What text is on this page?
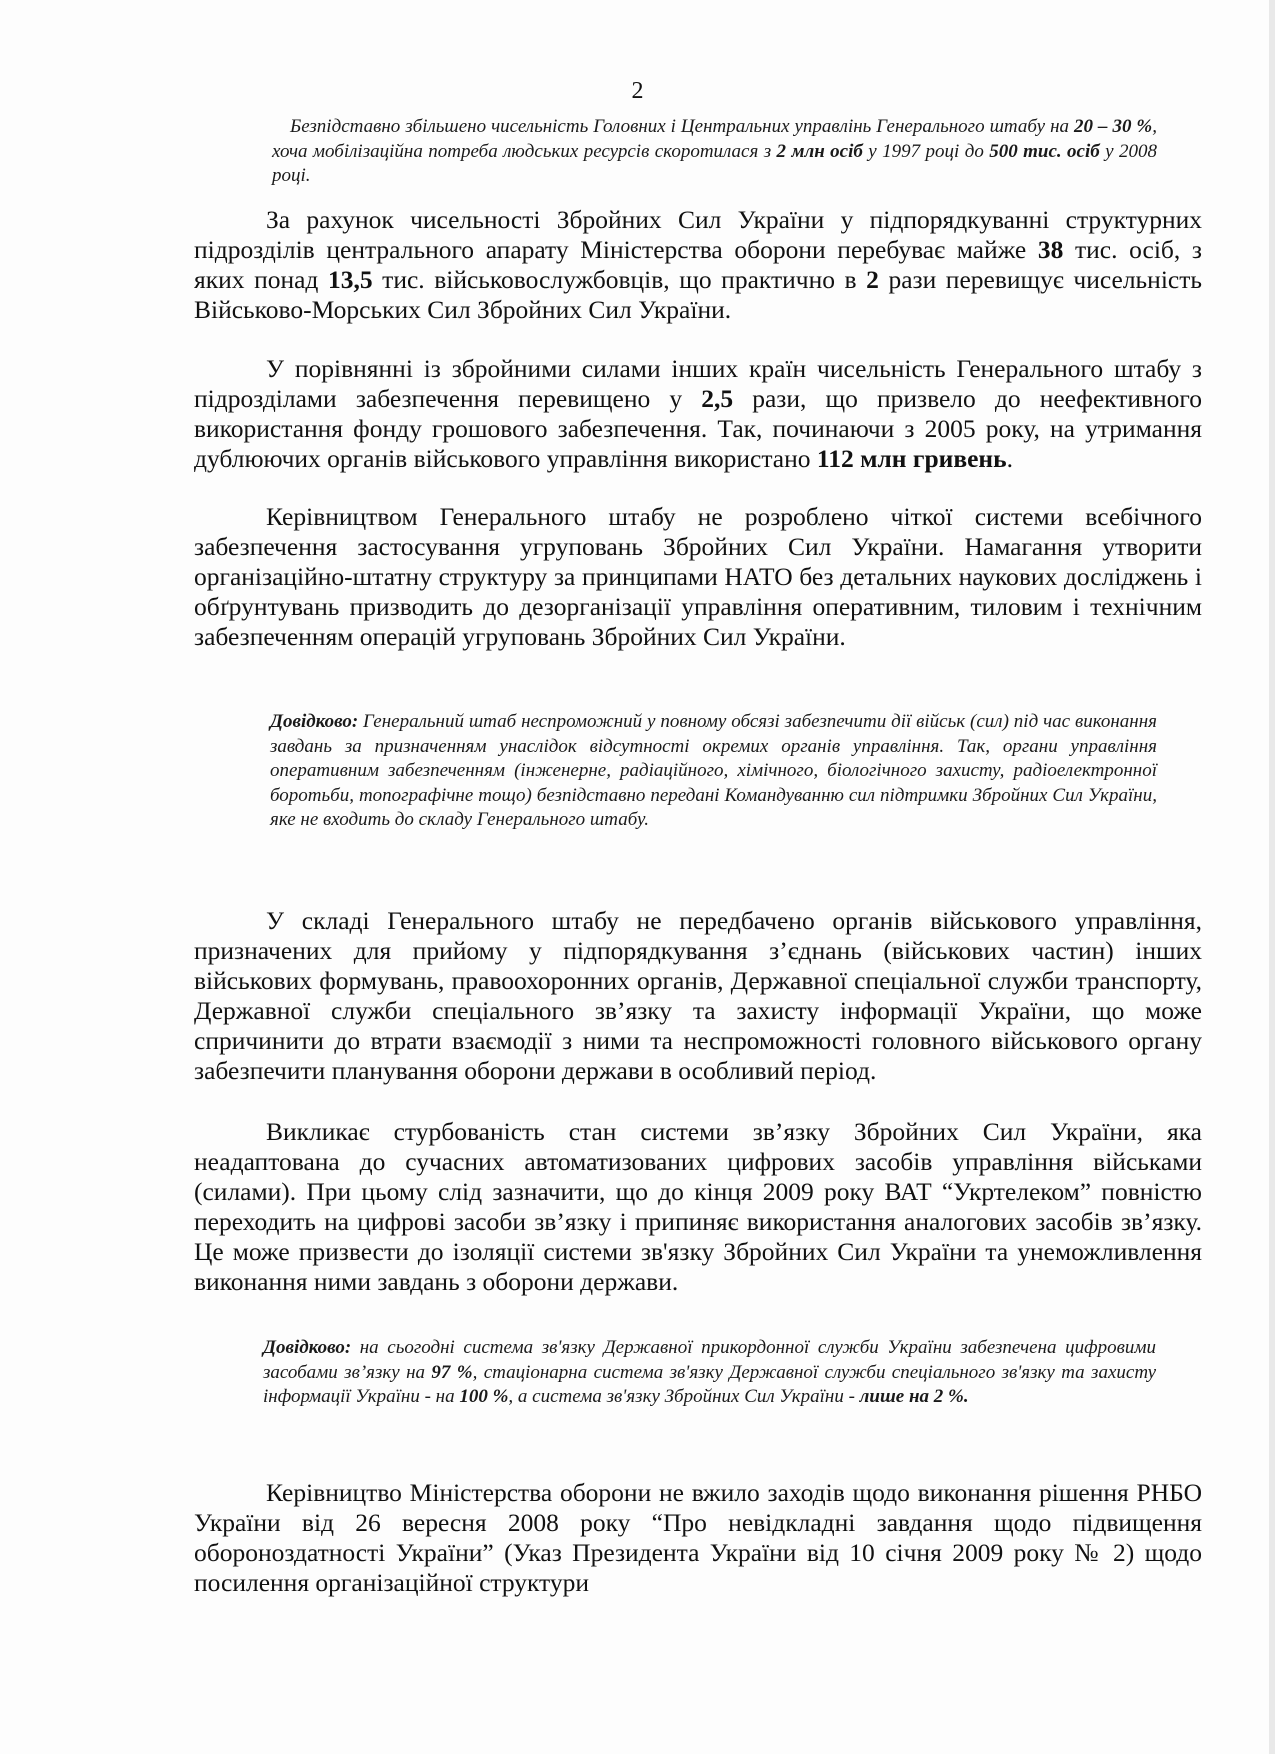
2

Безпідставно збільшено чисельність Головних і Центральних управлінь Генерального штабу на 20 – 30 %, хоча мобілізаційна потреба людських ресурсів скоротилася з 2 млн осіб у 1997 році до 500 тис. осіб у 2008 році.

За рахунок чисельності Збройних Сил України у підпорядкуванні структурних підрозділів центрального апарату Міністерства оборони перебуває майже 38 тис. осіб, з яких понад 13,5 тис. військовослужбовців, що практично в 2 рази перевищує чисельність Військово-Морських Сил Збройних Сил України.

У порівнянні із збройними силами інших країн чисельність Генерального штабу з підрозділами забезпечення перевищено у 2,5 рази, що призвело до неефективного використання фонду грошового забезпечення. Так, починаючи з 2005 року, на утримання дублюючих органів військового управління використано 112 млн гривень.

Керівництвом Генерального штабу не розроблено чіткої системи всебічного забезпечення застосування угруповань Збройних Сил України. Намагання утворити організаційно-штатну структуру за принципами НАТО без детальних наукових досліджень і обґрунтувань призводить до дезорганізації управління оперативним, тиловим і технічним забезпеченням операцій угруповань Збройних Сил України.

Довідково: Генеральний штаб неспроможний у повному обсязі забезпечити дії військ (сил) під час виконання завдань за призначенням унаслідок відсутності окремих органів управління. Так, органи управління оперативним забезпеченням (інженерне, радіаційного, хімічного, біологічного захисту, радіоелектронної боротьби, топографічне тощо) безпідставно передані Командуванню сил підтримки Збройних Сил України, яке не входить до складу Генерального штабу.

У складі Генерального штабу не передбачено органів військового управління, призначених для прийому у підпорядкування з’єднань (військових частин) інших військових формувань, правоохоронних органів, Державної спеціальної служби транспорту, Державної служби спеціального зв’язку та захисту інформації України, що може спричинити до втрати взаємодії з ними та неспроможності головного військового органу забезпечити планування оборони держави в особливий період.

Викликає стурбованість стан системи зв’язку Збройних Сил України, яка неадаптована до сучасних автоматизованих цифрових засобів управління військами (силами). При цьому слід зазначити, що до кінця 2009 року ВАТ “Укртелеком” повністю переходить на цифрові засоби зв’язку і припиняє використання аналогових засобів зв’язку. Це може призвести до ізоляції системи зв'язку Збройних Сил України та унеможливлення виконання ними завдань з оборони держави.

Довідково: на сьогодні система зв'язку Державної прикордонної служби України забезпечена цифровими засобами зв’язку на 97 %, стаціонарна система зв'язку Державної служби спеціального зв'язку та захисту інформації України - на 100 %, а система зв'язку Збройних Сил України - лише на 2 %.

Керівництво Міністерства оборони не вжило заходів щодо виконання рішення РНБО України від 26 вересня 2008 року “Про невідкладні завдання щодо підвищення обороноздатності України” (Указ Президента України від 10 січня 2009 року № 2) щодо посилення організаційної структури
